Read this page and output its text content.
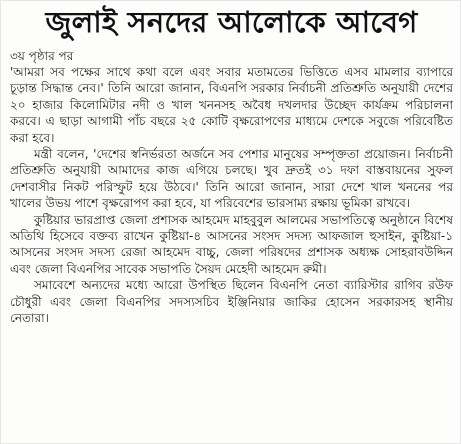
জুলাই সনদের আলোকে আবেগ
৩য় পৃষ্ঠার পর

'আমরা সব পক্ষের সাথে কথা বলে এবং সবার মতামতের ভিত্তিতে এসব মামলার ব্যাপারে চূড়ান্ত সিদ্ধান্ত নেব।' তিনি আরো জানান, বিএনপি সরকার নির্বাচনী প্রতিশ্রুতি অনুযায়ী দেশের ২০ হাজার কিলোমিটার নদী ও খাল খননসহ অবৈধ দখলদার উচ্ছেদ কার্যক্রম পরিচালনা করবে। এ ছাড়া আগামী পাঁচ বছরে ২৫ কোটি বৃক্ষরোপণের মাধ্যমে দেশকে সবুজে পরিবেষ্টিত করা হবে।

মন্ত্রী বলেন, 'দেশের স্বনির্ভরতা অর্জনে সব পেশার মানুষের সম্পৃক্ততা প্রয়োজন। নির্বাচনী প্রতিশ্রুতি অনুযায়ী আমাদের কাজ এগিয়ে চলছে। খুব দ্রুতই ৩১ দফা বাস্তবায়নের সুফল দেশবাসীর নিকট পরিস্ফুট হয়ে উঠবে।' তিনি আরো জানান, সারা দেশে খাল খননের পর খালের উভয় পাশে বৃক্ষরোপণ করা হবে, যা পরিবেশের ভারসাম্য রক্ষায় ভূমিকা রাখবে।

কুষ্টিয়ার ভারপ্রাপ্ত জেলা প্রশাসক আহমেদ মাহবুবুল আলমের সভাপতিত্বে অনুষ্ঠানে বিশেষ অতিথি হিসেবে বক্তব্য রাখেন কুষ্টিয়া-৪ আসনের সংসদ সদস্য আফজাল হুসাইন, কুষ্টিয়া-১ আসনের সংসদ সদস্য রেজা আহমেদ বাচ্চু, জেলা পরিষদের প্রশাসক অধ্যক্ষ সোহরাবউদ্দিন এবং জেলা বিএনপির সাবেক সভাপতি সৈয়দ মেহেদী আহমেদ রুমী।

সমাবেশে অন্যদের মধ্যে আরো উপস্থিত ছিলেন বিএনপি নেতা ব্যারিস্টার রাগিব রউফ চৌধুরী এবং জেলা বিএনপির সদস্যসচিব ইঞ্জিনিয়ার জাকির হোসেন সরকারসহ স্থানীয় নেতারা।
